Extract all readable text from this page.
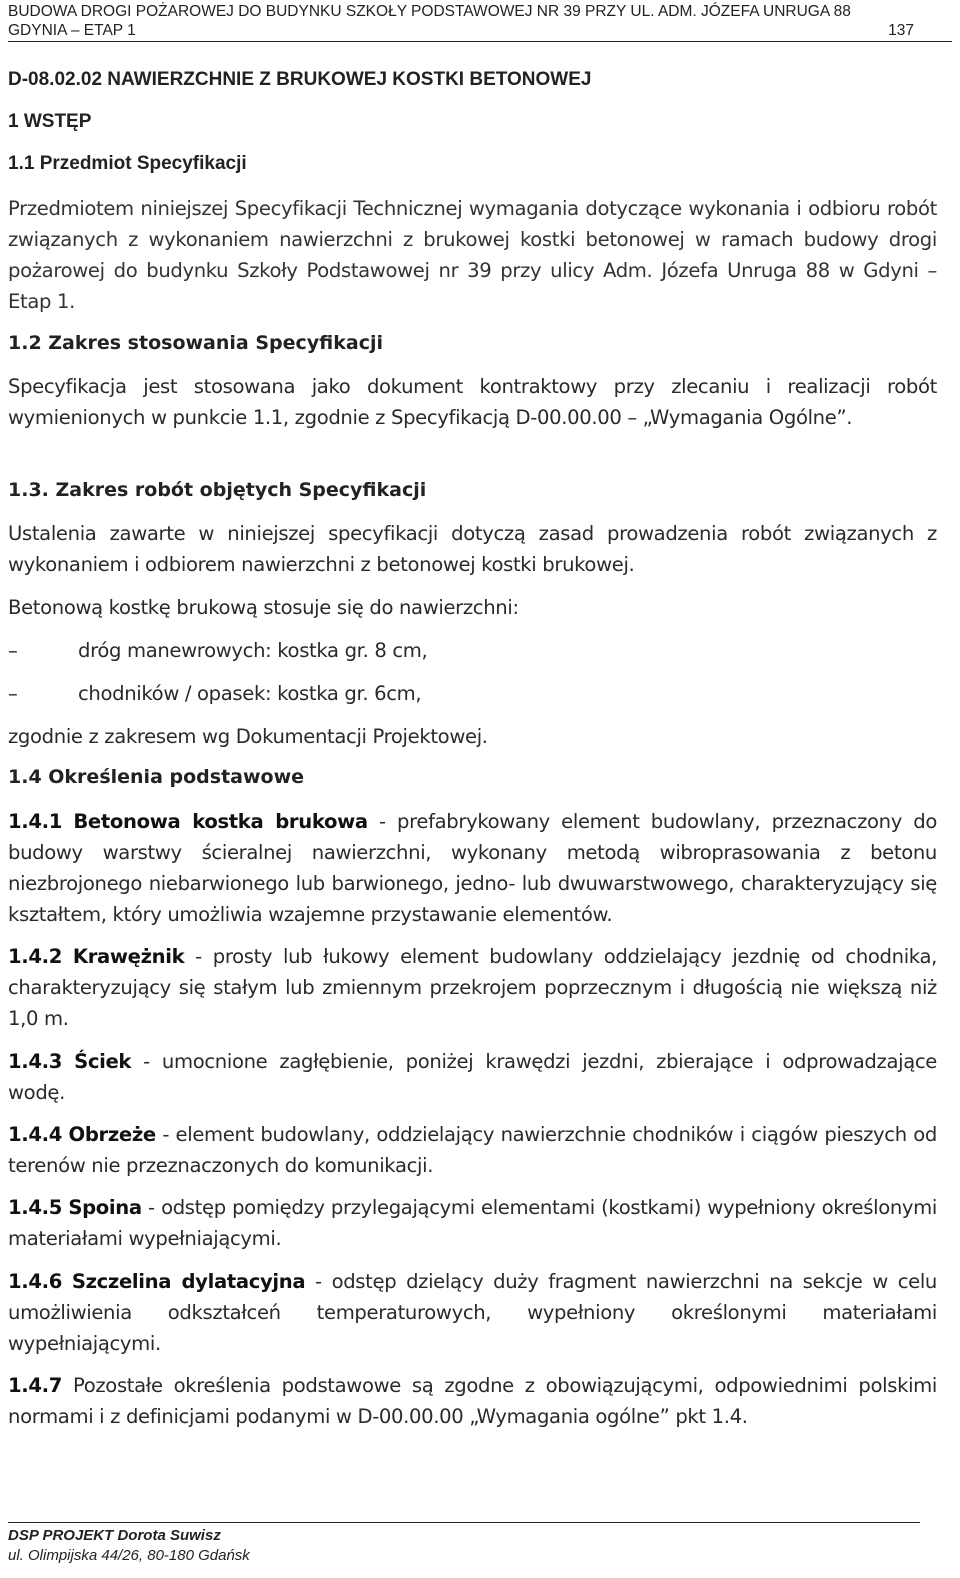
BUDOWA DROGI POŻAROWEJ DO BUDYNKU SZKOŁY PODSTAWOWEJ NR 39 PRZY UL. ADM. JÓZEFA UNRUGA 88
GDYNIA – ETAP 1	137
D-08.02.02 NAWIERZCHNIE Z BRUKOWEJ KOSTKI BETONOWEJ
1 WSTĘP
1.1 Przedmiot Specyfikacji
Przedmiotem niniejszej Specyfikacji Technicznej wymagania dotyczące wykonania i odbioru robót związanych z wykonaniem nawierzchni z brukowej kostki betonowej w ramach budowy drogi pożarowej do budynku Szkoły Podstawowej nr 39 przy ulicy Adm. Józefa Unruga 88 w Gdyni – Etap 1.
1.2 Zakres stosowania Specyfikacji
Specyfikacja jest stosowana jako dokument kontraktowy przy zlecaniu i realizacji robót wymienionych w punkcie 1.1, zgodnie z Specyfikacją D-00.00.00 – „Wymagania Ogólne”.
1.3. Zakres robót objętych Specyfikacji
Ustalenia zawarte w niniejszej specyfikacji dotyczą zasad prowadzenia robót związanych z wykonaniem i odbiorem nawierzchni z betonowej kostki brukowej.
Betonową kostkę brukową stosuje się do nawierzchni:
–	dróg manewrowych: kostka gr. 8 cm,
–	chodników / opasek: kostka gr. 6cm,
zgodnie z zakresem wg Dokumentacji Projektowej.
1.4 Określenia podstawowe
1.4.1 Betonowa kostka brukowa - prefabrykowany element budowlany, przeznaczony do budowy warstwy ścieralnej nawierzchni, wykonany metodą wibroprasowania z betonu niezbrojonego niebarwionego lub barwionego, jedno- lub dwuwarstwowego, charakteryzujący się kształtem, który umożliwia wzajemne przystawanie elementów.
1.4.2 Krawężnik - prosty lub łukowy element budowlany oddzielający jezdnię od chodnika, charakteryzujący się stałym lub zmiennym przekrojem poprzecznym i długością nie większą niż 1,0 m.
1.4.3 Ściek - umocnione zagłębienie, poniżej krawędzi jezdni, zbierające i odprowadzające wodę.
1.4.4 Obrzeże - element budowlany, oddzielający nawierzchnie chodników i ciągów pieszych od terenów nie przeznaczonych do komunikacji.
1.4.5 Spoina - odstęp pomiędzy przylegającymi elementami (kostkami) wypełniony określonymi materiałami wypełniającymi.
1.4.6 Szczelina dylatacyjna - odstęp dzielący duży fragment nawierzchni na sekcje w celu umożliwienia odkształceń temperaturowych, wypełniony określonymi materiałami wypełniającymi.
1.4.7 Pozostałe określenia podstawowe są zgodne z obowiązującymi, odpowiednimi polskimi normami i z definicjami podanymi w D-00.00.00 „Wymagania ogólne” pkt 1.4.
DSP PROJEKT Dorota Suwisz
ul. Olimpijska 44/26, 80-180 Gdańsk
